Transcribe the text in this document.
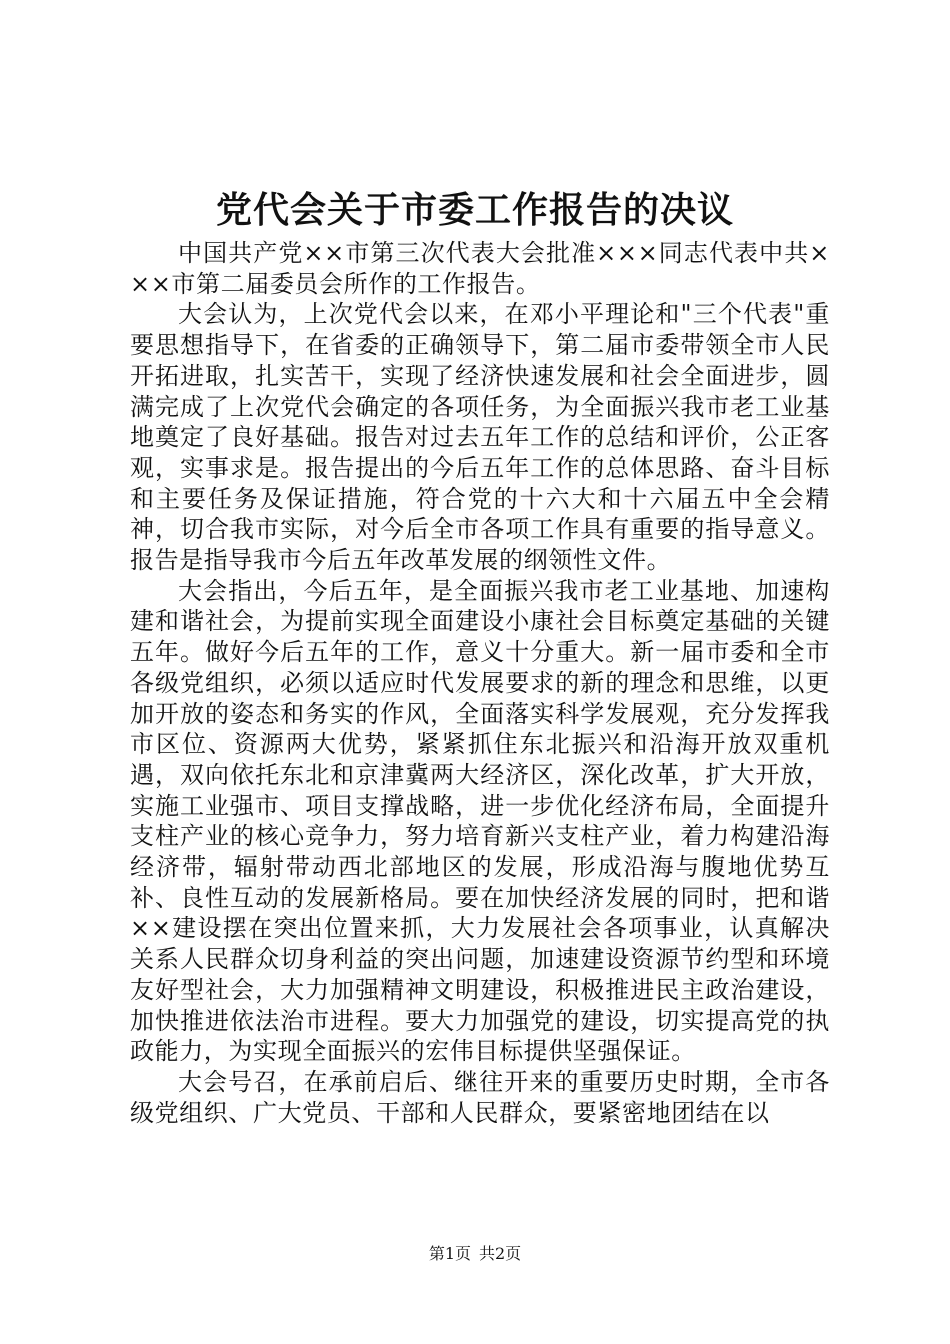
党代会关于市委工作报告的决议

中国共产党××市第三次代表大会批准×××同志代表中共×××市第二届委员会所作的工作报告。

大会认为，上次党代会以来，在邓小平理论和"三个代表"重要思想指导下，在省委的正确领导下，第二届市委带领全市人民开拓进取，扎实苦干，实现了经济快速发展和社会全面进步，圆满完成了上次党代会确定的各项任务，为全面振兴我市老工业基地奠定了良好基础。报告对过去五年工作的总结和评价，公正客观，实事求是。报告提出的今后五年工作的总体思路、奋斗目标和主要任务及保证措施，符合党的十六大和十六届五中全会精神，切合我市实际，对今后全市各项工作具有重要的指导意义。报告是指导我市今后五年改革发展的纲领性文件。

大会指出，今后五年，是全面振兴我市老工业基地、加速构建和谐社会，为提前实现全面建设小康社会目标奠定基础的关键五年。做好今后五年的工作，意义十分重大。新一届市委和全市各级党组织，必须以适应时代发展要求的新的理念和思维，以更加开放的姿态和务实的作风，全面落实科学发展观，充分发挥我市区位、资源两大优势，紧紧抓住东北振兴和沿海开放双重机遇，双向依托东北和京津冀两大经济区，深化改革，扩大开放，实施工业强市、项目支撑战略，进一步优化经济布局，全面提升支柱产业的核心竞争力，努力培育新兴支柱产业，着力构建沿海经济带，辐射带动西北部地区的发展，形成沿海与腹地优势互补、良性互动的发展新格局。要在加快经济发展的同时，把和谐××建设摆在突出位置来抓，大力发展社会各项事业，认真解决关系人民群众切身利益的突出问题，加速建设资源节约型和环境友好型社会，大力加强精神文明建设，积极推进民主政治建设，加快推进依法治市进程。要大力加强党的建设，切实提高党的执政能力，为实现全面振兴的宏伟目标提供坚强保证。

大会号召，在承前启后、继往开来的重要历史时期，全市各级党组织、广大党员、干部和人民群众，要紧密地团结在以

第1页 共2页
